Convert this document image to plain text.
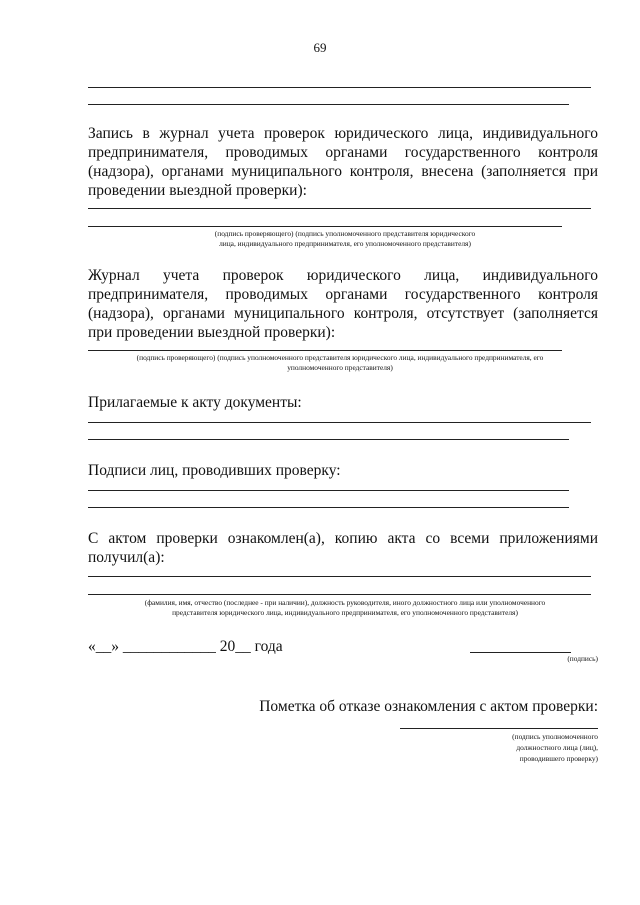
69
Запись в журнал учета проверок юридического лица, индивидуального предпринимателя, проводимых органами государственного контроля (надзора), органами муниципального контроля, внесена (заполняется при проведении выездной проверки):
(подпись проверяющего) (подпись уполномоченного представителя юридического
лица, индивидуального предпринимателя, его уполномоченного представителя)
Журнал учета проверок юридического лица, индивидуального предпринимателя, проводимых органами государственного контроля (надзора), органами муниципального контроля, отсутствует (заполняется при проведении выездной проверки):
(подпись проверяющего) (подпись уполномоченного представителя юридического лица, индивидуального предпринимателя, его
уполномоченного представителя)
Прилагаемые к акту документы:
Подписи лиц, проводивших проверку:
С актом проверки ознакомлен(а), копию акта со всеми приложениями получил(а):
(фамилия, имя, отчество (последнее - при наличии), должность руководителя, иного должностного лица или уполномоченного
представителя юридического лица, индивидуального предпринимателя, его уполномоченного представителя)
«__» ____________ 20__ года
(подпись)
Пометка об отказе ознакомления с актом проверки:
(подпись уполномоченного
должностного лица (лиц),
проводившего проверку)
